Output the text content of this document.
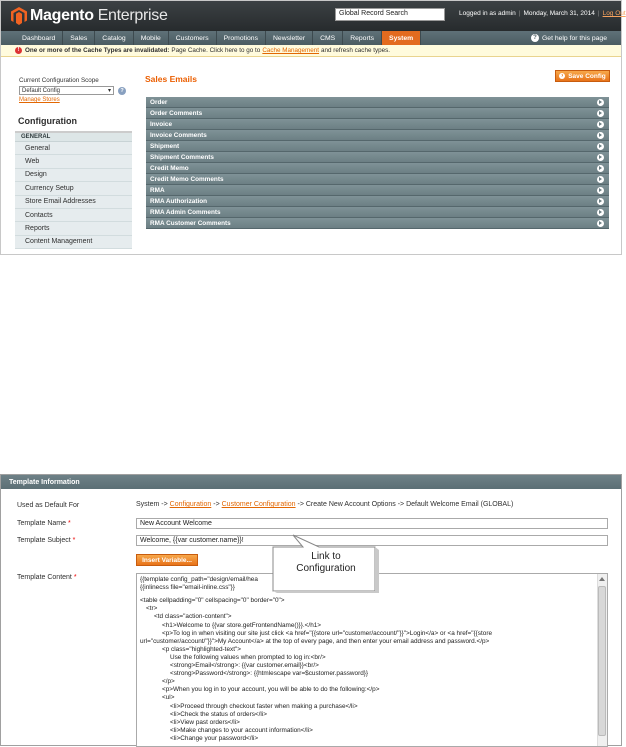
Magento Enterprise	Global Record Search	Logged in as admin | Monday, March 31, 2014 | Log Out
Dashboard	Sales	Catalog	Mobile	Customers	Promotions	Newsletter	CMS	Reports	System	? Get help for this page
! One or more of the Cache Types are invalidated: Page Cache. Click here to go to Cache Management and refresh cache types.
Current Configuration Scope
Default Config	▾	?
Manage Stores
Configuration
GENERAL
General
Web
Design
Currency Setup
Store Email Addresses
Contacts
Reports
Content Management
Sales Emails	› Save Config
Order
Order Comments
Invoice
Invoice Comments
Shipment
Shipment Comments
Credit Memo
Credit Memo Comments
RMA
RMA Authorization
RMA Admin Comments
RMA Customer Comments
Template Information
Used as Default For	System -> Configuration -> Customer Configuration -> Create New Account Options -> Default Welcome Email (GLOBAL)
Template Name *	New Account Welcome
Template Subject *	Welcome, {{var customer.name}}!
Insert Variable...
Template Content *	{{template config_path="design/email/hea
{{inlinecss file="email-inline.css"}}
<table cellpadding="0" cellspacing="0" border="0">
<tr>
<td class="action-content">
<h1>Welcome to {{var store.getFrontendName()}}.</h1>
<p>To log in when visiting our site just click <a href="{{store url="customer/account/"}}">Login</a> or <a href="{{store
url="customer/account/"}}">My Account</a> at the top of every page, and then enter your email address and password.</p>
<p class="highlighted-text">
Use the following values when prompted to log in:<br/>
<strong>Email</strong>: {{var customer.email}}<br/>
<strong>Password</strong>: {{htmlescape var=$customer.password}}
</p>
<p>When you log in to your account, you will be able to do the following:</p>
<ul>
<li>Proceed through checkout faster when making a purchase</li>
<li>Check the status of orders</li>
<li>View past orders</li>
<li>Make changes to your account information</li>
<li>Change your password</li>
Link to
Configuration
